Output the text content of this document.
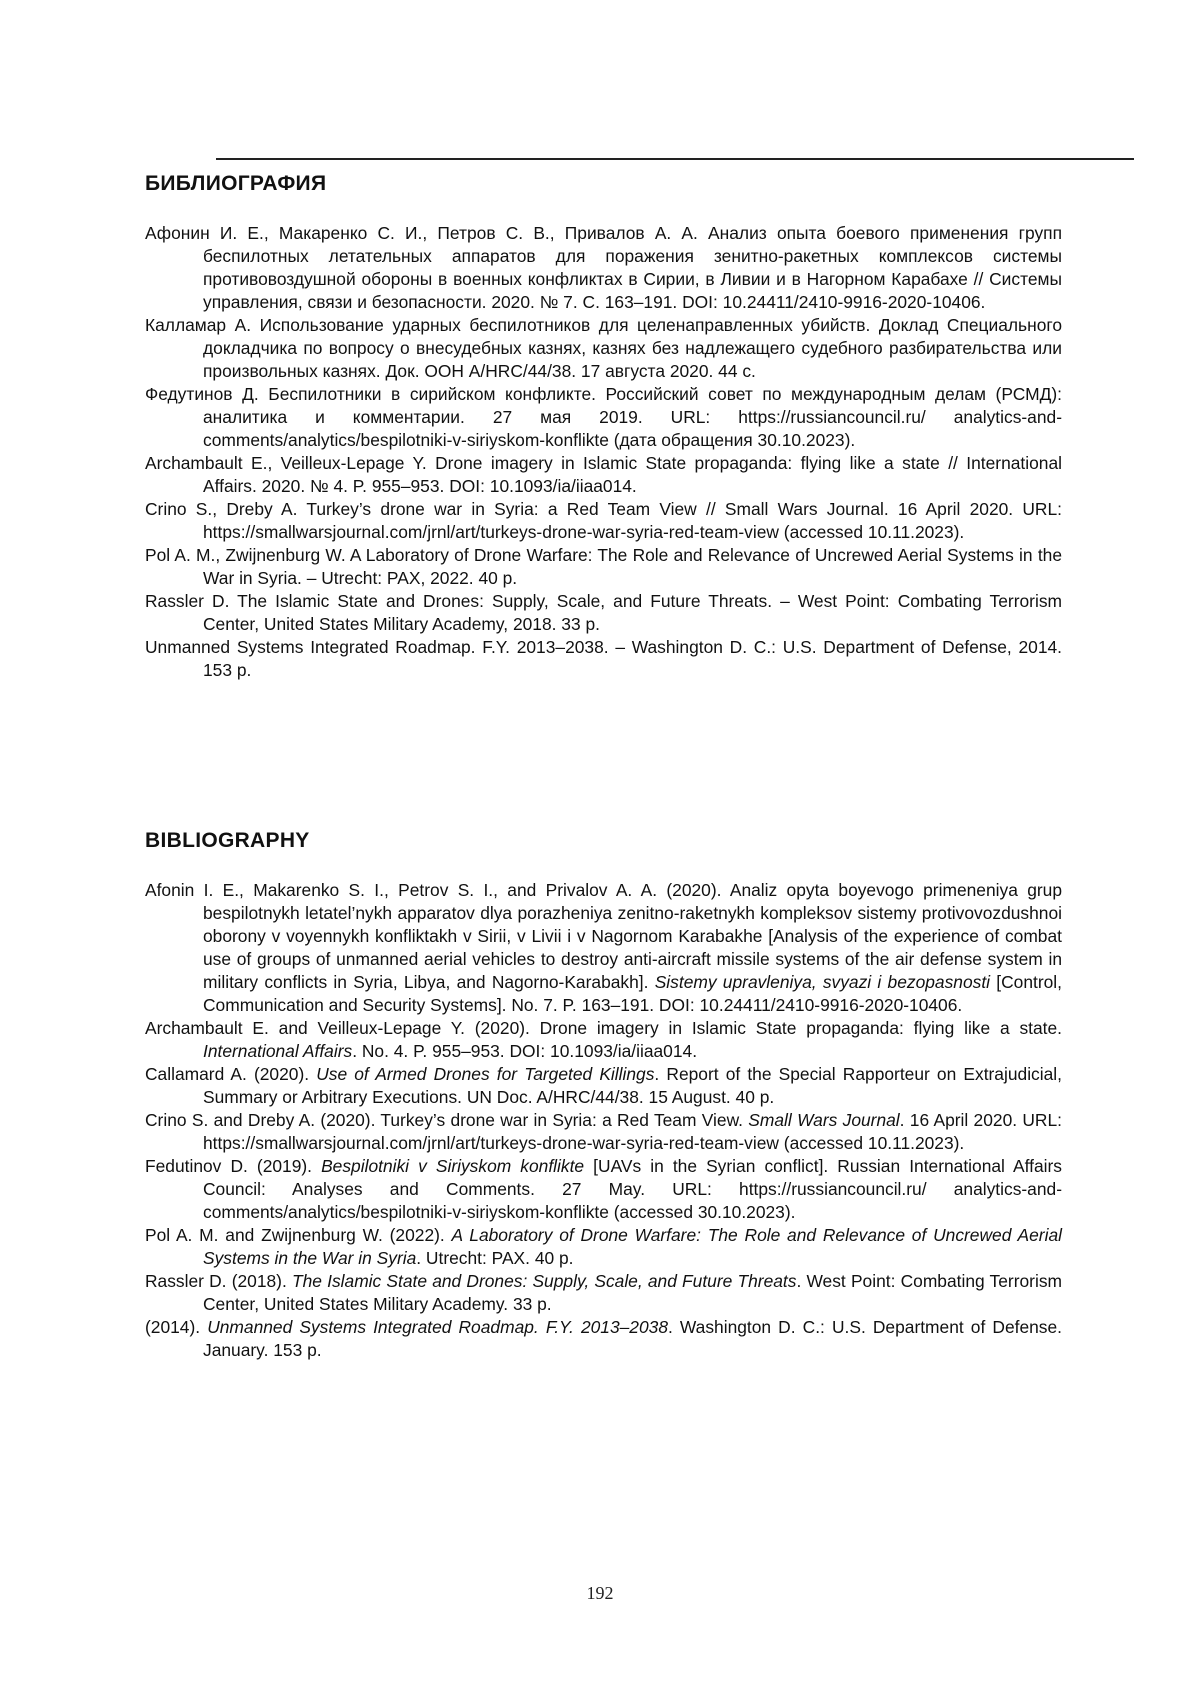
БИБЛИОГРАФИЯ
Афонин И. Е., Макаренко С. И., Петров С. В., Привалов А. А. Анализ опыта боевого применения групп беспилотных летательных аппаратов для поражения зенитно-ракетных комплексов системы противовоздушной обороны в военных конфликтах в Сирии, в Ливии и в Нагорном Карабахе // Системы управления, связи и безопасности. 2020. № 7. С. 163–191. DOI: 10.24411/2410-9916-2020-10406.
Калламар А. Использование ударных беспилотников для целенаправленных убийств. Доклад Специального докладчика по вопросу о внесудебных казнях, казнях без надлежащего судебного разбирательства или произвольных казнях. Док. ООН A/HRC/44/38. 17 августа 2020. 44 с.
Федутинов Д. Беспилотники в сирийском конфликте. Российский совет по международным делам (РСМД): аналитика и комментарии. 27 мая 2019. URL: https://russiancouncil.ru/ analytics-and-comments/analytics/bespilotniki-v-siriyskom-konflikte (дата обращения 30.10.2023).
Archambault E., Veilleux-Lepage Y. Drone imagery in Islamic State propaganda: flying like a state // International Affairs. 2020. № 4. P. 955–953. DOI: 10.1093/ia/iiaa014.
Crino S., Dreby A. Turkey’s drone war in Syria: a Red Team View // Small Wars Journal. 16 April 2020. URL: https://smallwarsjournal.com/jrnl/art/turkeys-drone-war-syria-red-team-view (accessed 10.11.2023).
Pol A. M., Zwijnenburg W. A Laboratory of Drone Warfare: The Role and Relevance of Uncrewed Aerial Systems in the War in Syria. – Utrecht: PAX, 2022. 40 p.
Rassler D. The Islamic State and Drones: Supply, Scale, and Future Threats. – West Point: Combating Terrorism Center, United States Military Academy, 2018. 33 p.
Unmanned Systems Integrated Roadmap. F.Y. 2013–2038. – Washington D. C.: U.S. Department of Defense, 2014. 153 p.
BIBLIOGRAPHY
Afonin I. E., Makarenko S. I., Petrov S. I., and Privalov A. A. (2020). Analiz opyta boyevogo primeneniya grup bespilotnykh letatel’nykh apparatov dlya porazheniya zenitno-raketnykh kompleksov sistemy protivovozdushnoi oborony v voyennykh konfliktakh v Sirii, v Livii i v Nagornom Karabakhe [Analysis of the experience of combat use of groups of unmanned aerial vehicles to destroy anti-aircraft missile systems of the air defense system in military conflicts in Syria, Libya, and Nagorno-Karabakh]. Sistemy upravleniya, svyazi i bezopasnosti [Control, Communication and Security Systems]. No. 7. P. 163–191. DOI: 10.24411/2410-9916-2020-10406.
Archambault E. and Veilleux-Lepage Y. (2020). Drone imagery in Islamic State propaganda: flying like a state. International Affairs. No. 4. P. 955–953. DOI: 10.1093/ia/iiaa014.
Callamard A. (2020). Use of Armed Drones for Targeted Killings. Report of the Special Rapporteur on Extrajudicial, Summary or Arbitrary Executions. UN Doc. A/HRC/44/38. 15 August. 40 p.
Crino S. and Dreby A. (2020). Turkey’s drone war in Syria: a Red Team View. Small Wars Journal. 16 April 2020. URL: https://smallwarsjournal.com/jrnl/art/turkeys-drone-war-syria-red-team-view (accessed 10.11.2023).
Fedutinov D. (2019). Bespilotniki v Siriyskom konflikte [UAVs in the Syrian conflict]. Russian International Affairs Council: Analyses and Comments. 27 May. URL: https://russiancouncil.ru/ analytics-and-comments/analytics/bespilotniki-v-siriyskom-konflikte (accessed 30.10.2023).
Pol A. M. and Zwijnenburg W. (2022). A Laboratory of Drone Warfare: The Role and Relevance of Uncrewed Aerial Systems in the War in Syria. Utrecht: PAX. 40 p.
Rassler D. (2018). The Islamic State and Drones: Supply, Scale, and Future Threats. West Point: Combating Terrorism Center, United States Military Academy. 33 p.
(2014). Unmanned Systems Integrated Roadmap. F.Y. 2013–2038. Washington D. C.: U.S. Department of Defense. January. 153 p.
192
